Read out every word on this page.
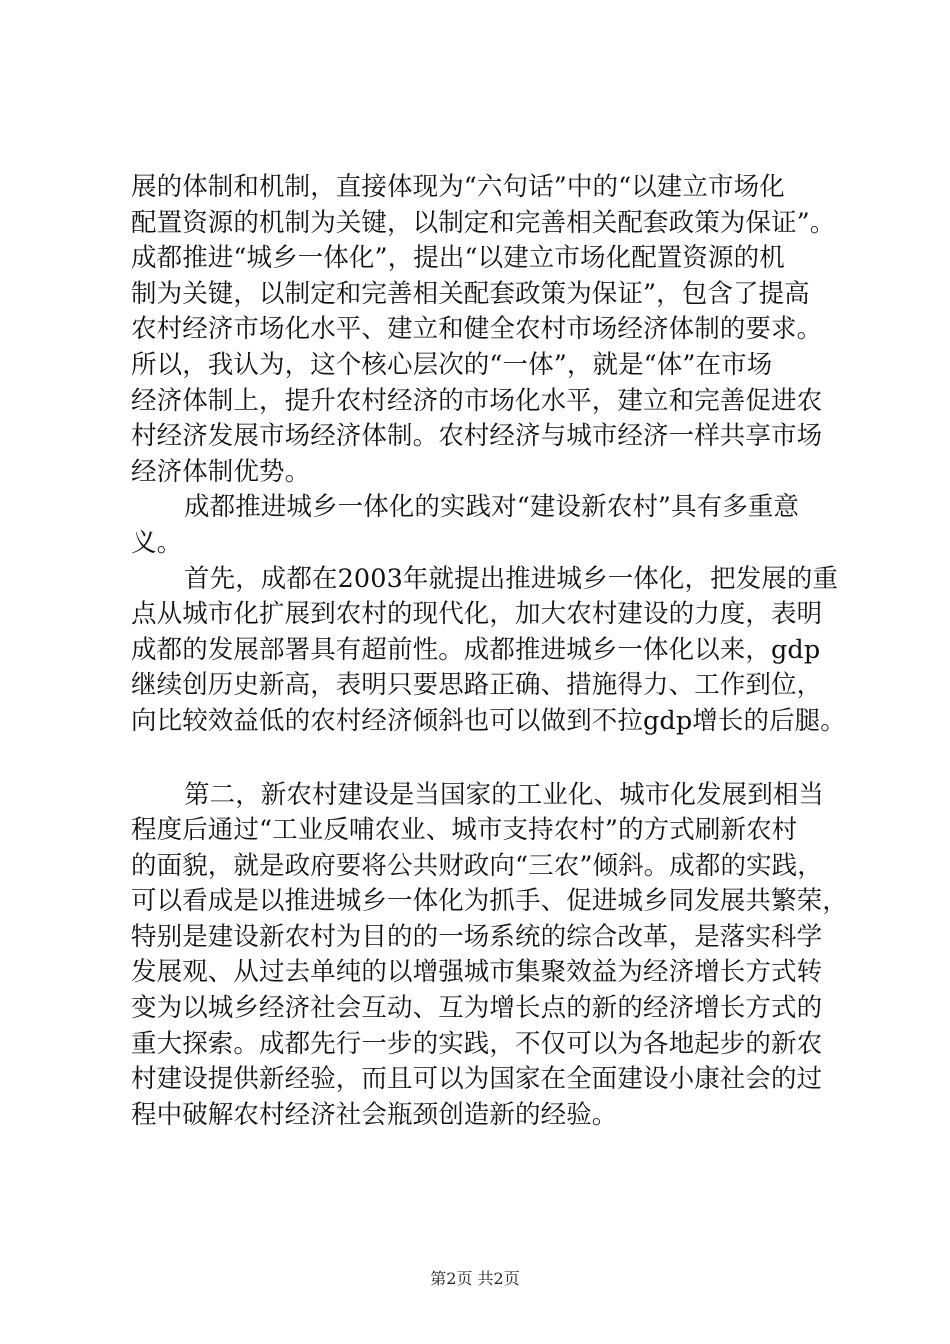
展的体制和机制，直接体现为“六句话”中的“以建立市场化
配置资源的机制为关键，以制定和完善相关配套政策为保证”。
成都推进“城乡一体化”，提出“以建立市场化配置资源的机
制为关键，以制定和完善相关配套政策为保证”，包含了提高
农村经济市场化水平、建立和健全农村市场经济体制的要求。
所以，我认为，这个核心层次的“一体”，就是“体”在市场
经济体制上，提升农村经济的市场化水平，建立和完善促进农
村经济发展市场经济体制。农村经济与城市经济一样共享市场
经济体制优势。
成都推进城乡一体化的实践对“建设新农村”具有多重意
义。
首先，成都在2003年就提出推进城乡一体化，把发展的重
点从城市化扩展到农村的现代化，加大农村建设的力度，表明
成都的发展部署具有超前性。成都推进城乡一体化以来，gdp
继续创历史新高，表明只要思路正确、措施得力、工作到位，
向比较效益低的农村经济倾斜也可以做到不拉gdp增长的后腿。
第二，新农村建设是当国家的工业化、城市化发展到相当
程度后通过“工业反哺农业、城市支持农村”的方式刷新农村
的面貌，就是政府要将公共财政向“三农”倾斜。成都的实践，
可以看成是以推进城乡一体化为抓手、促进城乡同发展共繁荣，
特别是建设新农村为目的的一场系统的综合改革，是落实科学
发展观、从过去单纯的以增强城市集聚效益为经济增长方式转
变为以城乡经济社会互动、互为增长点的新的经济增长方式的
重大探索。成都先行一步的实践，不仅可以为各地起步的新农
村建设提供新经验，而且可以为国家在全面建设小康社会的过
程中破解农村经济社会瓶颈创造新的经验。
第2页 共2页
